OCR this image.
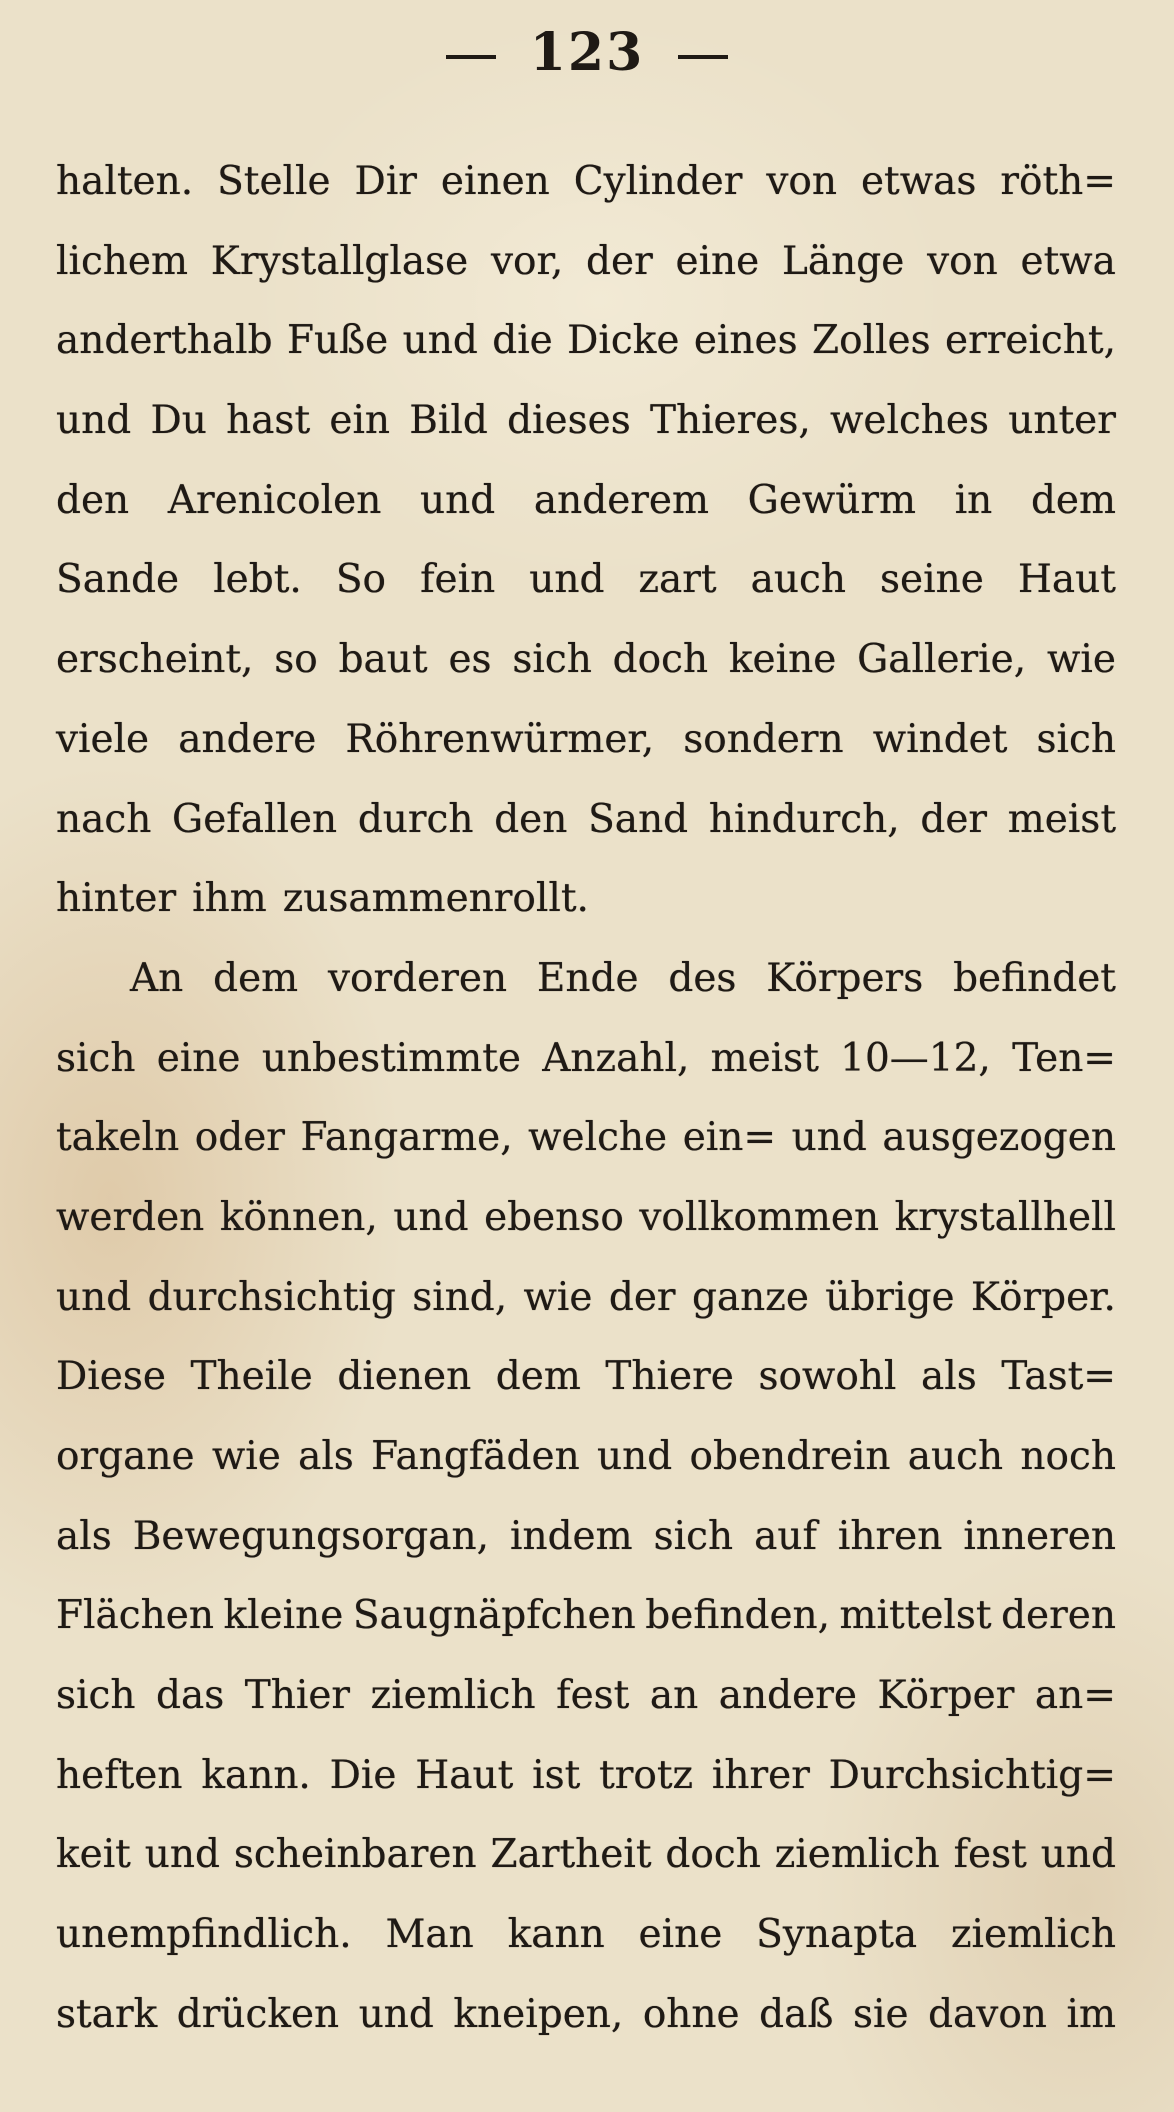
123
halten. Stelle Dir einen Cylinder von etwas röth=
lichem Krystallglase vor, der eine Länge von etwa
anderthalb Fuße und die Dicke eines Zolles erreicht,
und Du hast ein Bild dieses Thieres, welches unter
den Arenicolen und anderem Gewürm in dem
Sande lebt. So fein und zart auch seine Haut
erscheint, so baut es sich doch keine Gallerie, wie
viele andere Röhrenwürmer, sondern windet sich
nach Gefallen durch den Sand hindurch, der meist
hinter ihm zusammenrollt.
An dem vorderen Ende des Körpers befindet
sich eine unbestimmte Anzahl, meist 10—12, Ten=
takeln oder Fangarme, welche ein= und ausgezogen
werden können, und ebenso vollkommen krystallhell
und durchsichtig sind, wie der ganze übrige Körper.
Diese Theile dienen dem Thiere sowohl als Tast=
organe wie als Fangfäden und obendrein auch noch
als Bewegungsorgan, indem sich auf ihren inneren
Flächen kleine Saugnäpfchen befinden, mittelst deren
sich das Thier ziemlich fest an andere Körper an=
heften kann. Die Haut ist trotz ihrer Durchsichtig=
keit und scheinbaren Zartheit doch ziemlich fest und
unempfindlich. Man kann eine Synapta ziemlich
stark drücken und kneipen, ohne daß sie davon im
